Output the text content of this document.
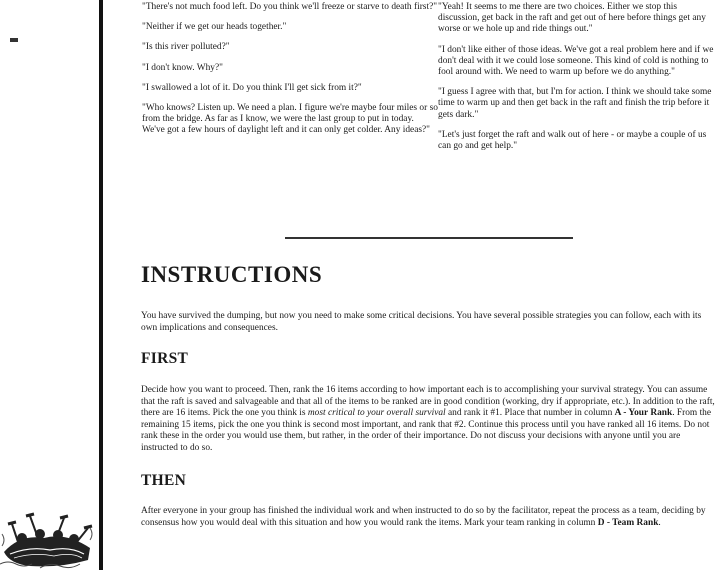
"There's not much food left. Do you think we'll freeze or starve to death first?"

"Neither if we get our heads together."

"Is this river polluted?"

"I don't know. Why?"

"I swallowed a lot of it. Do you think I'll get sick from it?"

"Who knows? Listen up. We need a plan. I figure we're maybe four miles or so from the bridge. As far as I know, we were the last group to put in today. We've got a few hours of daylight left and it can only get colder. Any ideas?"

"Yeah! It seems to me there are two choices. Either we stop this discussion, get back in the raft and get out of here before things get any worse or we hole up and ride things out."

"I don't like either of those ideas. We've got a real problem here and if we don't deal with it we could lose someone. This kind of cold is nothing to fool around with. We need to warm up before we do anything."

"I guess I agree with that, but I'm for action. I think we should take some time to warm up and then get back in the raft and finish the trip before it gets dark."

"Let's just forget the raft and walk out of here - or maybe a couple of us can go and get help."

INSTRUCTIONS

You have survived the dumping, but now you need to make some critical decisions. You have several possible strategies you can follow, each with its own implications and consequences.

FIRST

Decide how you want to proceed. Then, rank the 16 items according to how important each is to accomplishing your survival strategy. You can assume that the raft is saved and salvageable and that all of the items to be ranked are in good condition (working, dry if appropriate, etc.). In addition to the raft, there are 16 items. Pick the one you think is most critical to your overall survival and rank it #1. Place that number in column A - Your Rank. From the remaining 15 items, pick the one you think is second most important, and rank that #2. Continue this process until you have ranked all 16 items. Do not rank these in the order you would use them, but rather, in the order of their importance. Do not discuss your decisions with anyone until you are instructed to do so.

THEN

After everyone in your group has finished the individual work and when instructed to do so by the facilitator, repeat the process as a team, deciding by consensus how you would deal with this situation and how you would rank the items. Mark your team ranking in column D - Team Rank.
